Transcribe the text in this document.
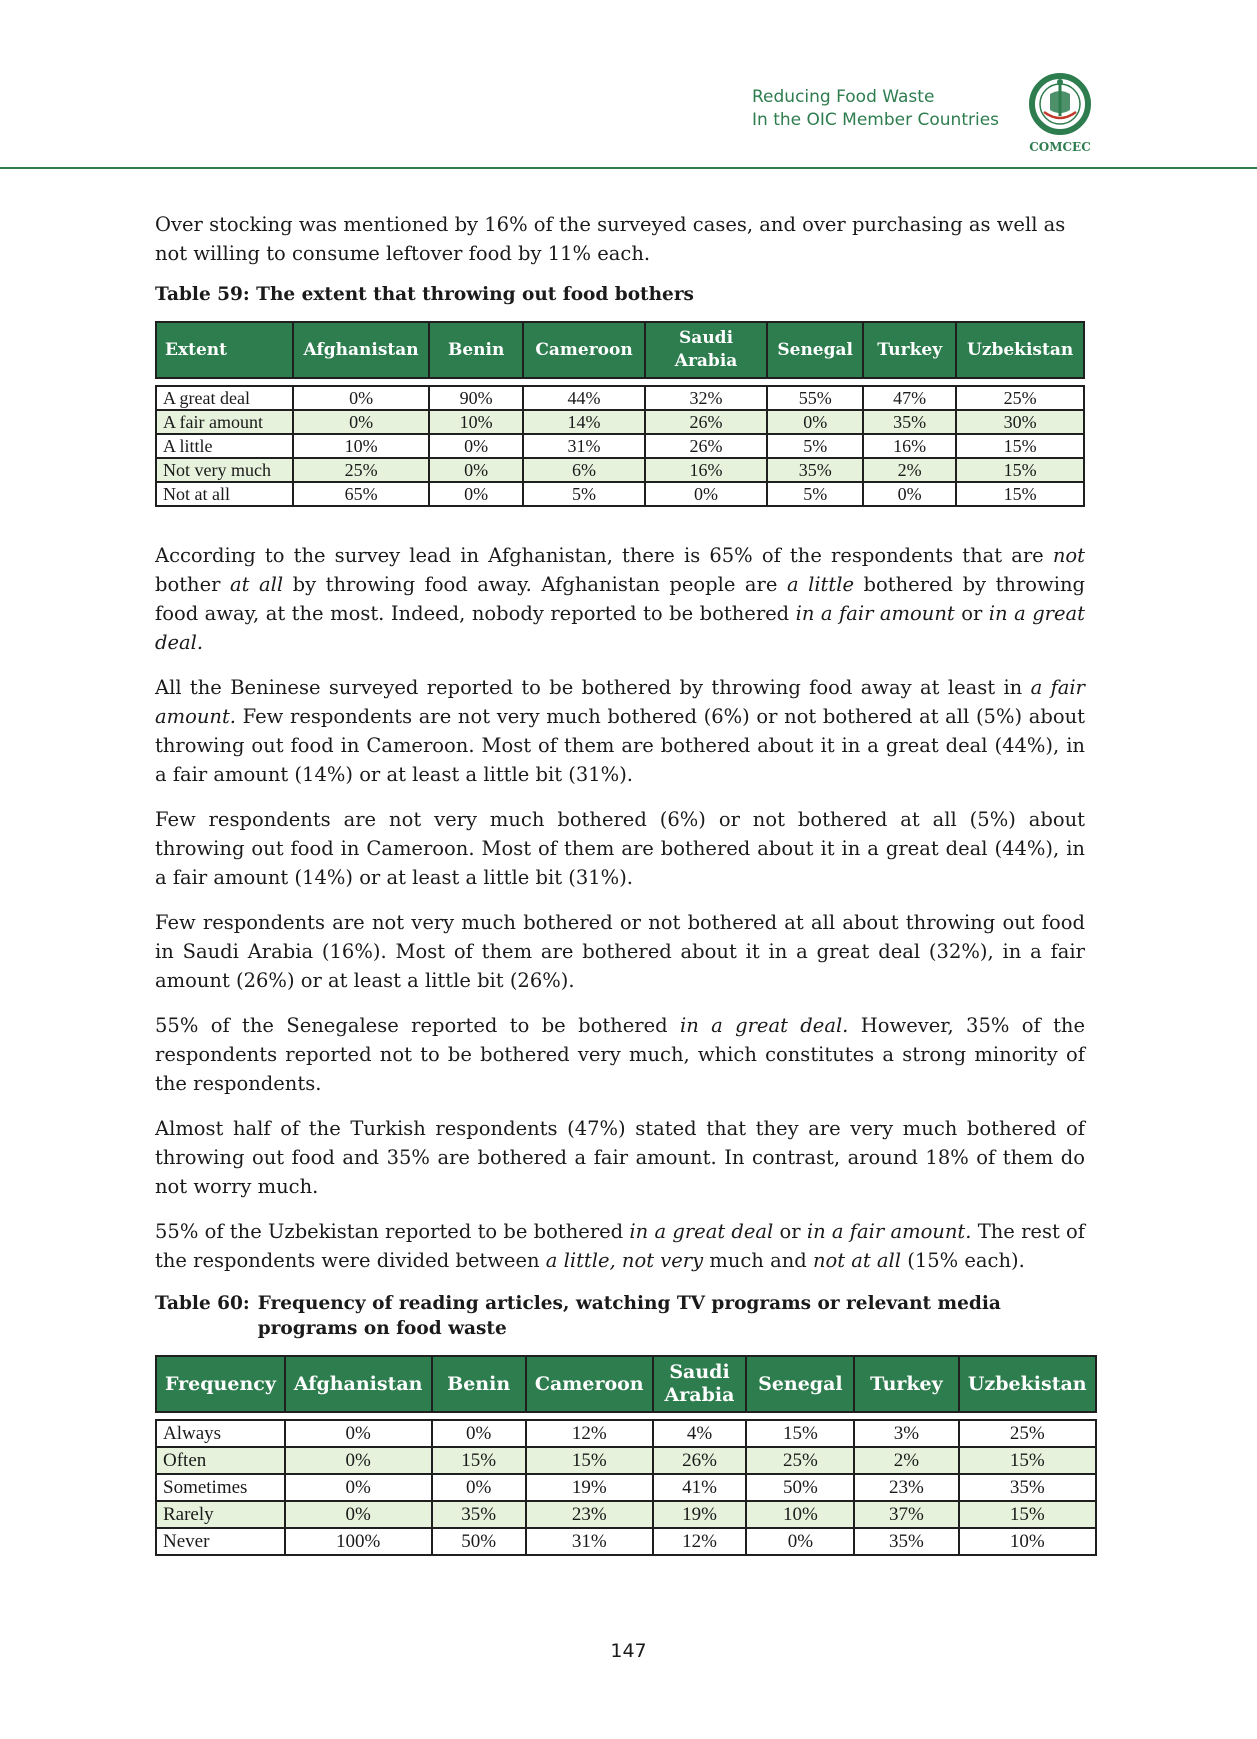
Reducing Food Waste
In the OIC Member Countries
COMCEC

Over stocking was mentioned by 16% of the surveyed cases, and over purchasing as well as not willing to consume leftover food by 11% each.

Table 59: The extent that throwing out food bothers
Extent	Afghanistan	Benin	Cameroon	Saudi Arabia	Senegal	Turkey	Uzbekistan

A great deal	0%	90%	44%	32%	55%	47%	25%
A fair amount	0%	10%	14%	26%	0%	35%	30%
A little	10%	0%	31%	26%	5%	16%	15%
Not very much	25%	0%	6%	16%	35%	2%	15%
Not at all	65%	0%	5%	0%	5%	0%	15%

According to the survey lead in Afghanistan, there is 65% of the respondents that are not bother at all by throwing food away. Afghanistan people are a little bothered by throwing food away, at the most. Indeed, nobody reported to be bothered in a fair amount or in a great deal.

All the Beninese surveyed reported to be bothered by throwing food away at least in a fair amount. Few respondents are not very much bothered (6%) or not bothered at all (5%) about throwing out food in Cameroon. Most of them are bothered about it in a great deal (44%), in a fair amount (14%) or at least a little bit (31%).

Few respondents are not very much bothered (6%) or not bothered at all (5%) about throwing out food in Cameroon. Most of them are bothered about it in a great deal (44%), in a fair amount (14%) or at least a little bit (31%).

Few respondents are not very much bothered or not bothered at all about throwing out food in Saudi Arabia (16%). Most of them are bothered about it in a great deal (32%), in a fair amount (26%) or at least a little bit (26%).

55% of the Senegalese reported to be bothered in a great deal. However, 35% of the respondents reported not to be bothered very much, which constitutes a strong minority of the respondents.

Almost half of the Turkish respondents (47%) stated that they are very much bothered of throwing out food and 35% are bothered a fair amount. In contrast, around 18% of them do not worry much.

55% of the Uzbekistan reported to be bothered in a great deal or in a fair amount. The rest of the respondents were divided between a little, not very much and not at all (15% each).

Table 60: Frequency of reading articles, watching TV programs or relevant media programs on food waste
Frequency	Afghanistan	Benin	Cameroon	Saudi Arabia	Senegal	Turkey	Uzbekistan

Always	0%	0%	12%	4%	15%	3%	25%
Often	0%	15%	15%	26%	25%	2%	15%
Sometimes	0%	0%	19%	41%	50%	23%	35%
Rarely	0%	35%	23%	19%	10%	37%	15%
Never	100%	50%	31%	12%	0%	35%	10%
147
